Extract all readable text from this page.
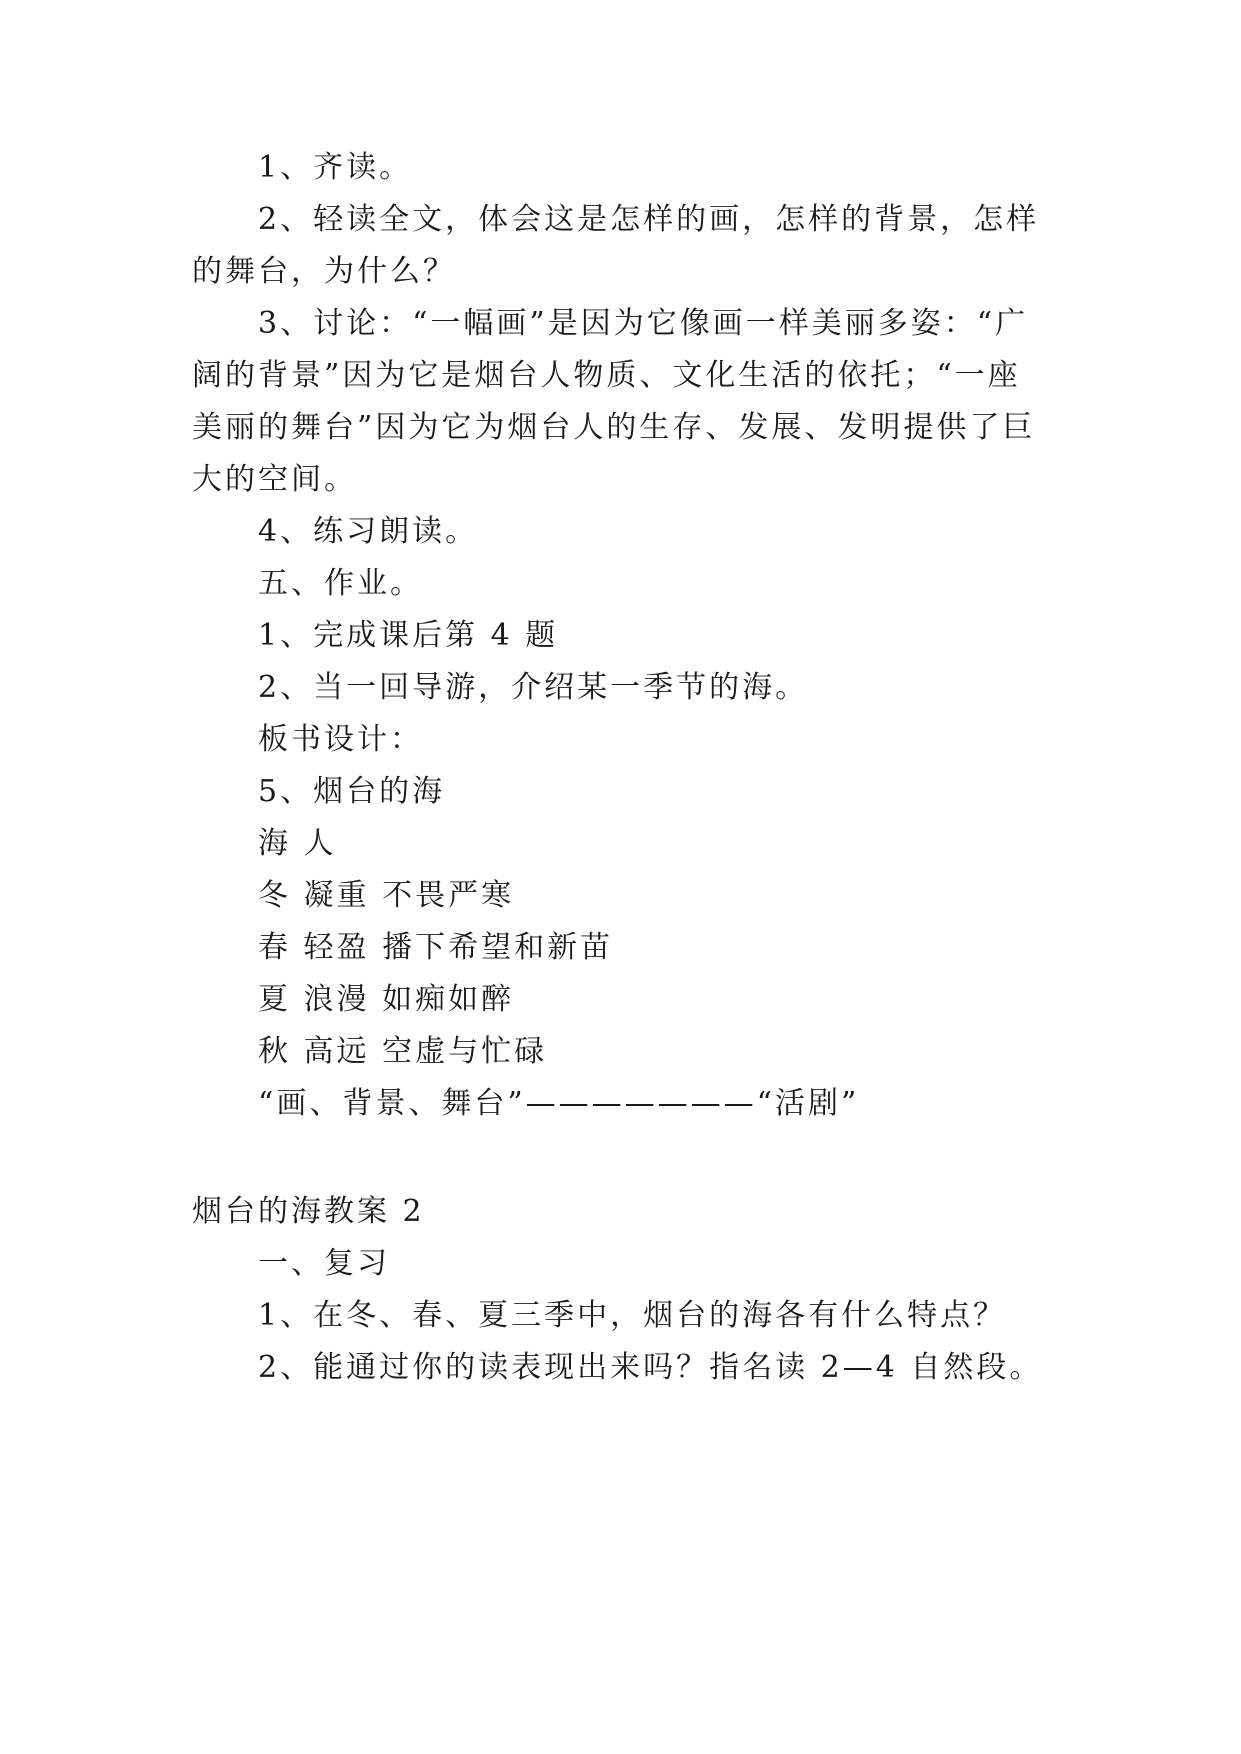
1、齐读。
2、轻读全文，体会这是怎样的画，怎样的背景，怎样
的舞台，为什么？
3、讨论：“一幅画”是因为它像画一样美丽多姿：“广
阔的背景”因为它是烟台人物质、文化生活的依托；“一座
美丽的舞台”因为它为烟台人的生存、发展、发明提供了巨
大的空间。
4、练习朗读。
五、作业。
1、完成课后第 4 题
2、当一回导游，介绍某一季节的海。
板书设计：
5、烟台的海
海 人
冬 凝重 不畏严寒
春 轻盈 播下希望和新苗
夏 浪漫 如痴如醉
秋 高远 空虚与忙碌
“画、背景、舞台”———————“活剧”
烟台的海教案 2
一、复习
1、在冬、春、夏三季中，烟台的海各有什么特点？
2、能通过你的读表现出来吗？指名读 2—4 自然段。
